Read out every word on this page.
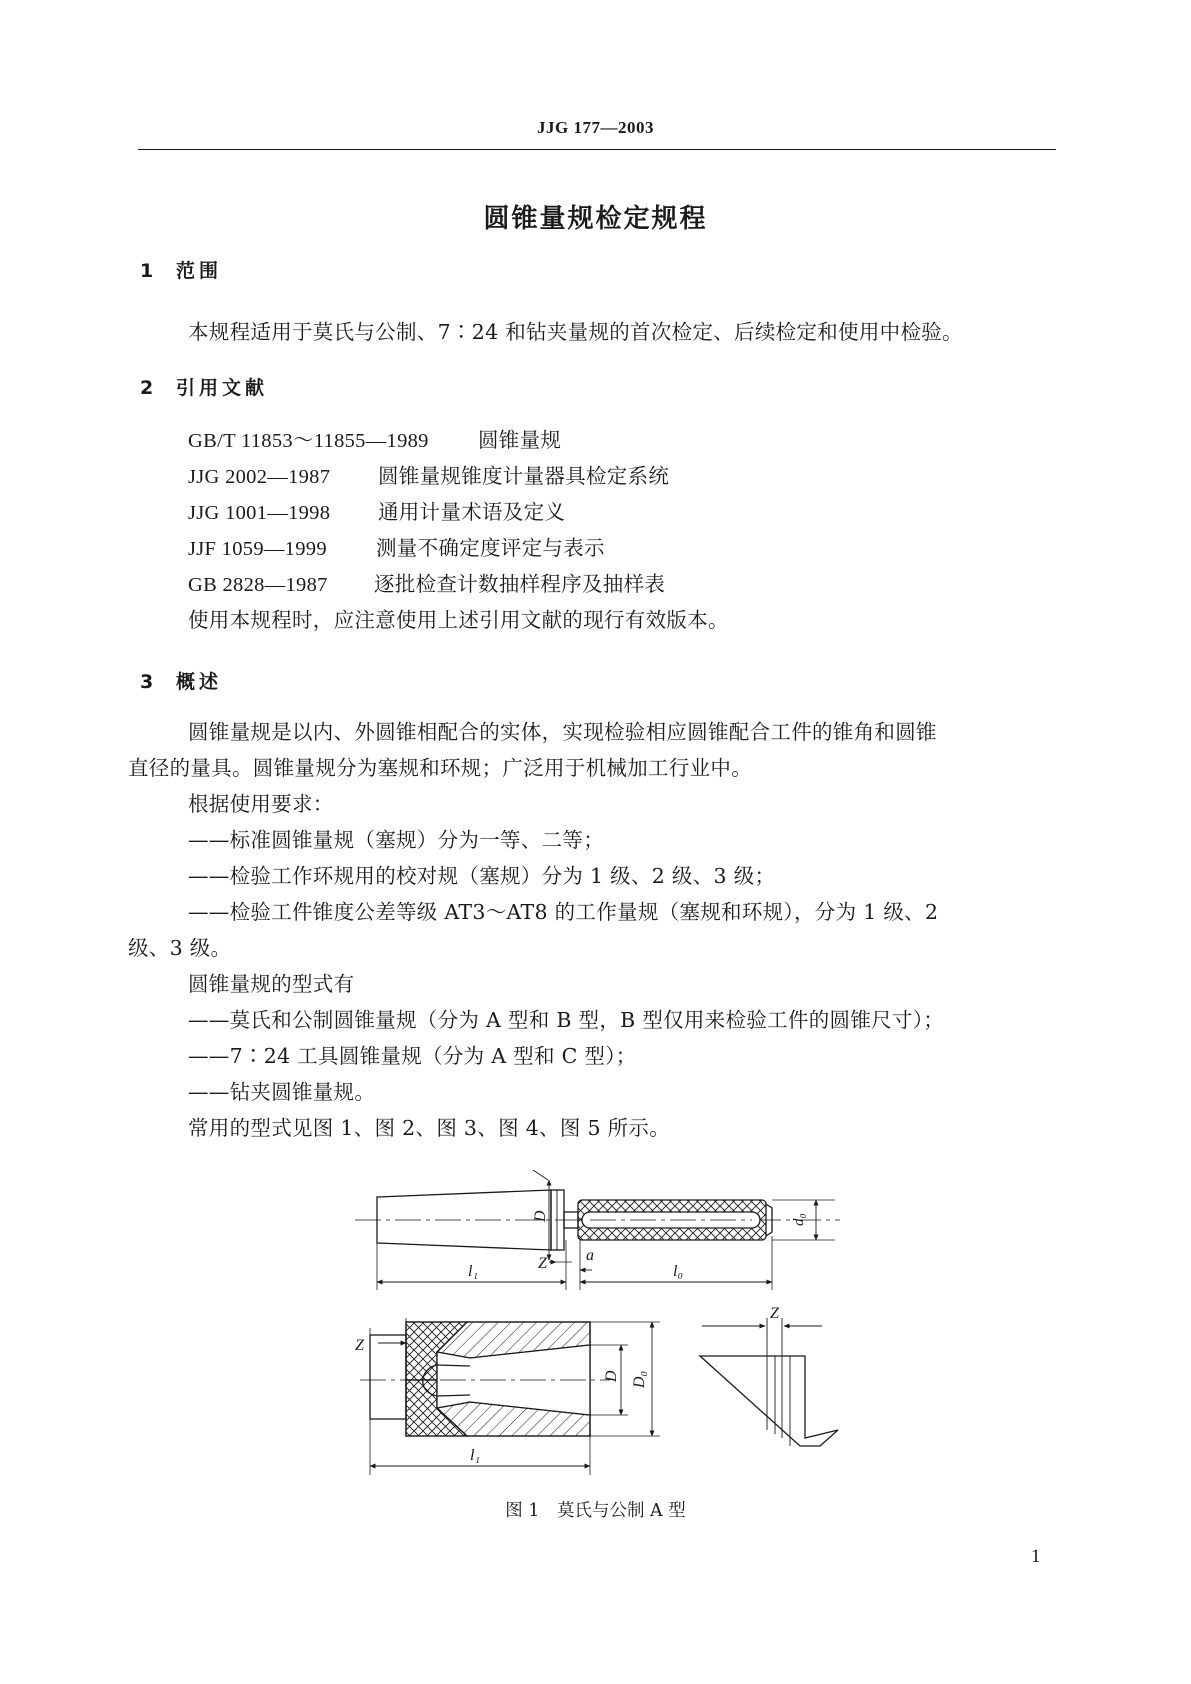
JJG 177—2003
圆锥量规检定规程
1 范围
本规程适用于莫氏与公制、7∶24 和钻夹量规的首次检定、后续检定和使用中检验。
2 引用文献
GB/T 11853～11855—1989 圆锥量规
JJG 2002—1987 圆锥量规锥度计量器具检定系统
JJG 1001—1998 通用计量术语及定义
JJF 1059—1999 测量不确定度评定与表示
GB 2828—1987 逐批检查计数抽样程序及抽样表
使用本规程时，应注意使用上述引用文献的现行有效版本。
3 概述
圆锥量规是以内、外圆锥相配合的实体，实现检验相应圆锥配合工件的锥角和圆锥
直径的量具。圆锥量规分为塞规和环规；广泛用于机械加工行业中。
根据使用要求：
——标准圆锥量规（塞规）分为一等、二等；
——检验工作环规用的校对规（塞规）分为 1 级、2 级、3 级；
——检验工件锥度公差等级 AT3～AT8 的工作量规（塞规和环规），分为 1 级、2
级、3 级。
圆锥量规的型式有
——莫氏和公制圆锥量规（分为 A 型和 B 型，B 型仅用来检验工件的圆锥尺寸）；
——7∶24 工具圆锥量规（分为 A 型和 C 型）；
——钻夹圆锥量规。
常用的型式见图 1、图 2、图 3、图 4、图 5 所示。
D	d₀
Z a
l₁	l₀
Z
D D₀
l₁
Z
图 1　莫氏与公制 A 型
1
